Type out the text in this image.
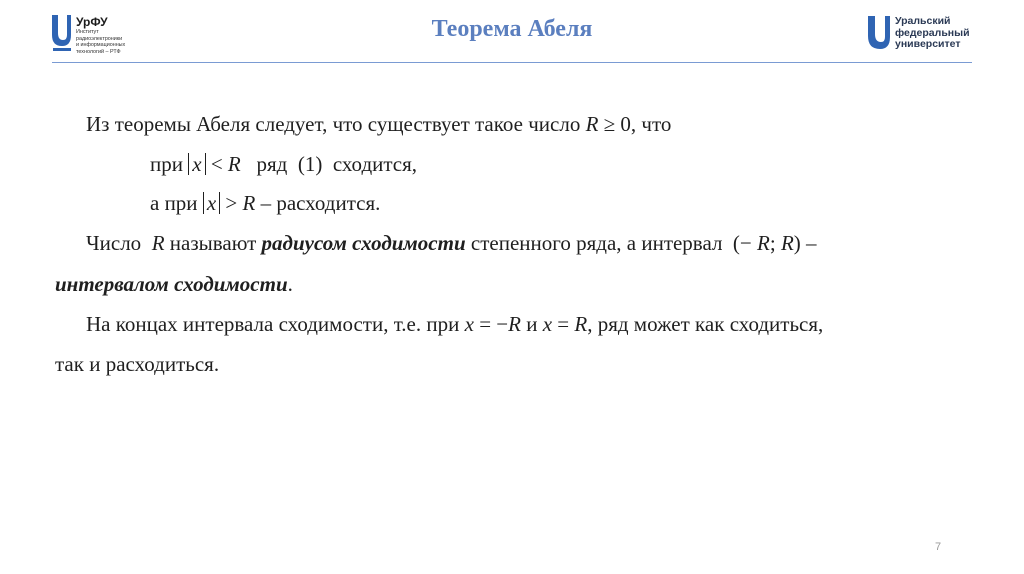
УрФУ
Институт
радиоэлектроники
и информационных
технологий – РТФ
Теорема Абеля	Уральский
федеральный
университет
Из теоремы Абеля следует, что существует такое число R ≥ 0, что
при x < R   ряд  (1)  сходится,
а при x > R – расходится.
Число  R называют радиусом сходимости степенного ряда, а интервал  (− R; R) –
интервалом сходимости.
На концах интервала сходимости, т.е. при x = −R и x = R, ряд может как сходиться,
так и расходиться.
7
